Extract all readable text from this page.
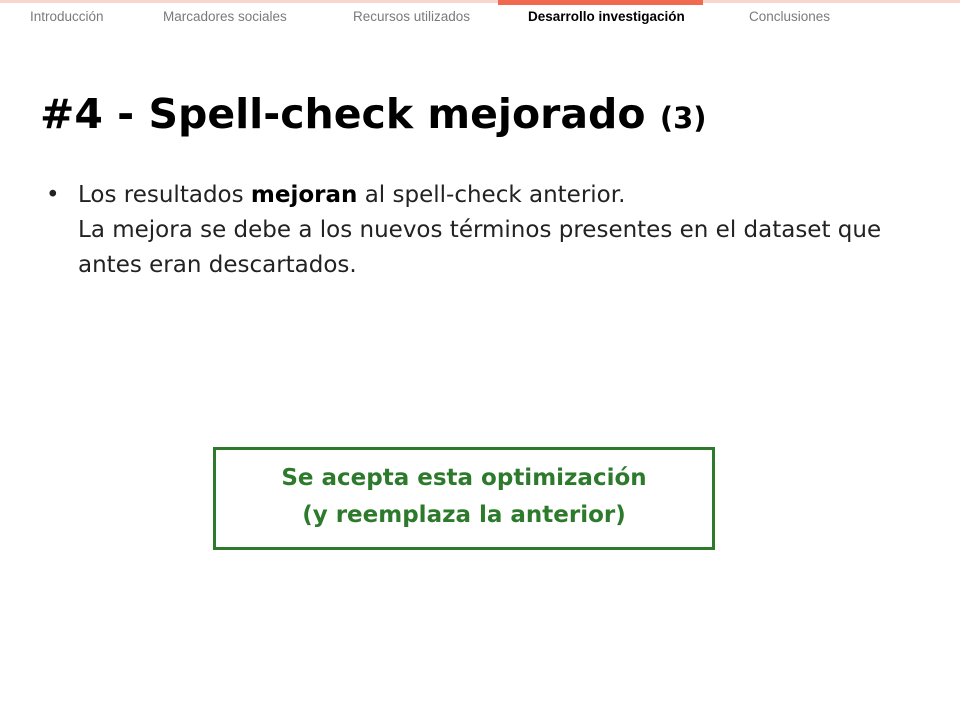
Introducción	Marcadores sociales	Recursos utilizados	Desarrollo investigación	Conclusiones
#4 - Spell-check mejorado (3)
• Los resultados mejoran al spell-check anterior.
La mejora se debe a los nuevos términos presentes en el dataset que antes eran descartados.
Se acepta esta optimización
(y reemplaza la anterior)
